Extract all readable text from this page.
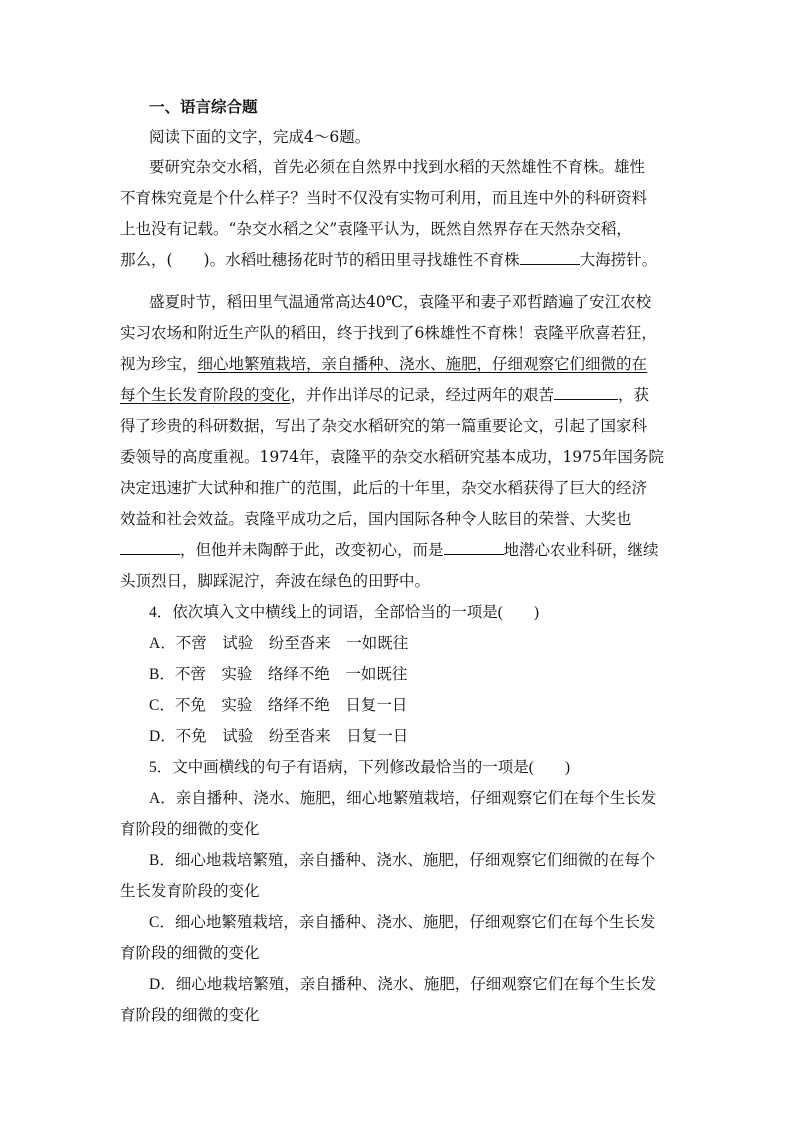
一、语言综合题
阅读下面的文字，完成4～6题。
要研究杂交水稻，首先必须在自然界中找到水稻的天然雄性不育株。雄性
不育株究竟是个什么样子？当时不仅没有实物可利用，而且连中外的科研资料
上也没有记载。“杂交水稻之父”袁隆平认为，既然自然界存在天然杂交稻，
那么，(　　)。水稻吐穗扬花时节的稻田里寻找雄性不育株	大海捞针。
盛夏时节，稻田里气温通常高达40℃，袁隆平和妻子邓哲踏遍了安江农校
实习农场和附近生产队的稻田，终于找到了6株雄性不育株！袁隆平欣喜若狂，
视为珍宝，细心地繁殖栽培，亲自播种、浇水、施肥，仔细观察它们细微的在
每个生长发育阶段的变化，并作出详尽的记录，经过两年的艰苦	，获
得了珍贵的科研数据，写出了杂交水稻研究的第一篇重要论文，引起了国家科
委领导的高度重视。1974年，袁隆平的杂交水稻研究基本成功，1975年国务院
决定迅速扩大试种和推广的范围，此后的十年里，杂交水稻获得了巨大的经济
效益和社会效益。袁隆平成功之后，国内国际各种令人眩目的荣誉、大奖也
，但他并未陶醉于此，改变初心，而是	地潜心农业科研，继续
头顶烈日，脚踩泥泞，奔波在绿色的田野中。
4．依次填入文中横线上的词语，全部恰当的一项是(　　)
A．不啻　试验　纷至沓来　一如既往
B．不啻　实验　络绎不绝　一如既往
C．不免　实验　络绎不绝　日复一日
D．不免　试验　纷至沓来　日复一日
5．文中画横线的句子有语病，下列修改最恰当的一项是(　　)
A．亲自播种、浇水、施肥，细心地繁殖栽培，仔细观察它们在每个生长发
育阶段的细微的变化
B．细心地栽培繁殖，亲自播种、浇水、施肥，仔细观察它们细微的在每个
生长发育阶段的变化
C．细心地繁殖栽培，亲自播种、浇水、施肥，仔细观察它们在每个生长发
育阶段的细微的变化
D．细心地栽培繁殖，亲自播种、浇水、施肥，仔细观察它们在每个生长发
育阶段的细微的变化
